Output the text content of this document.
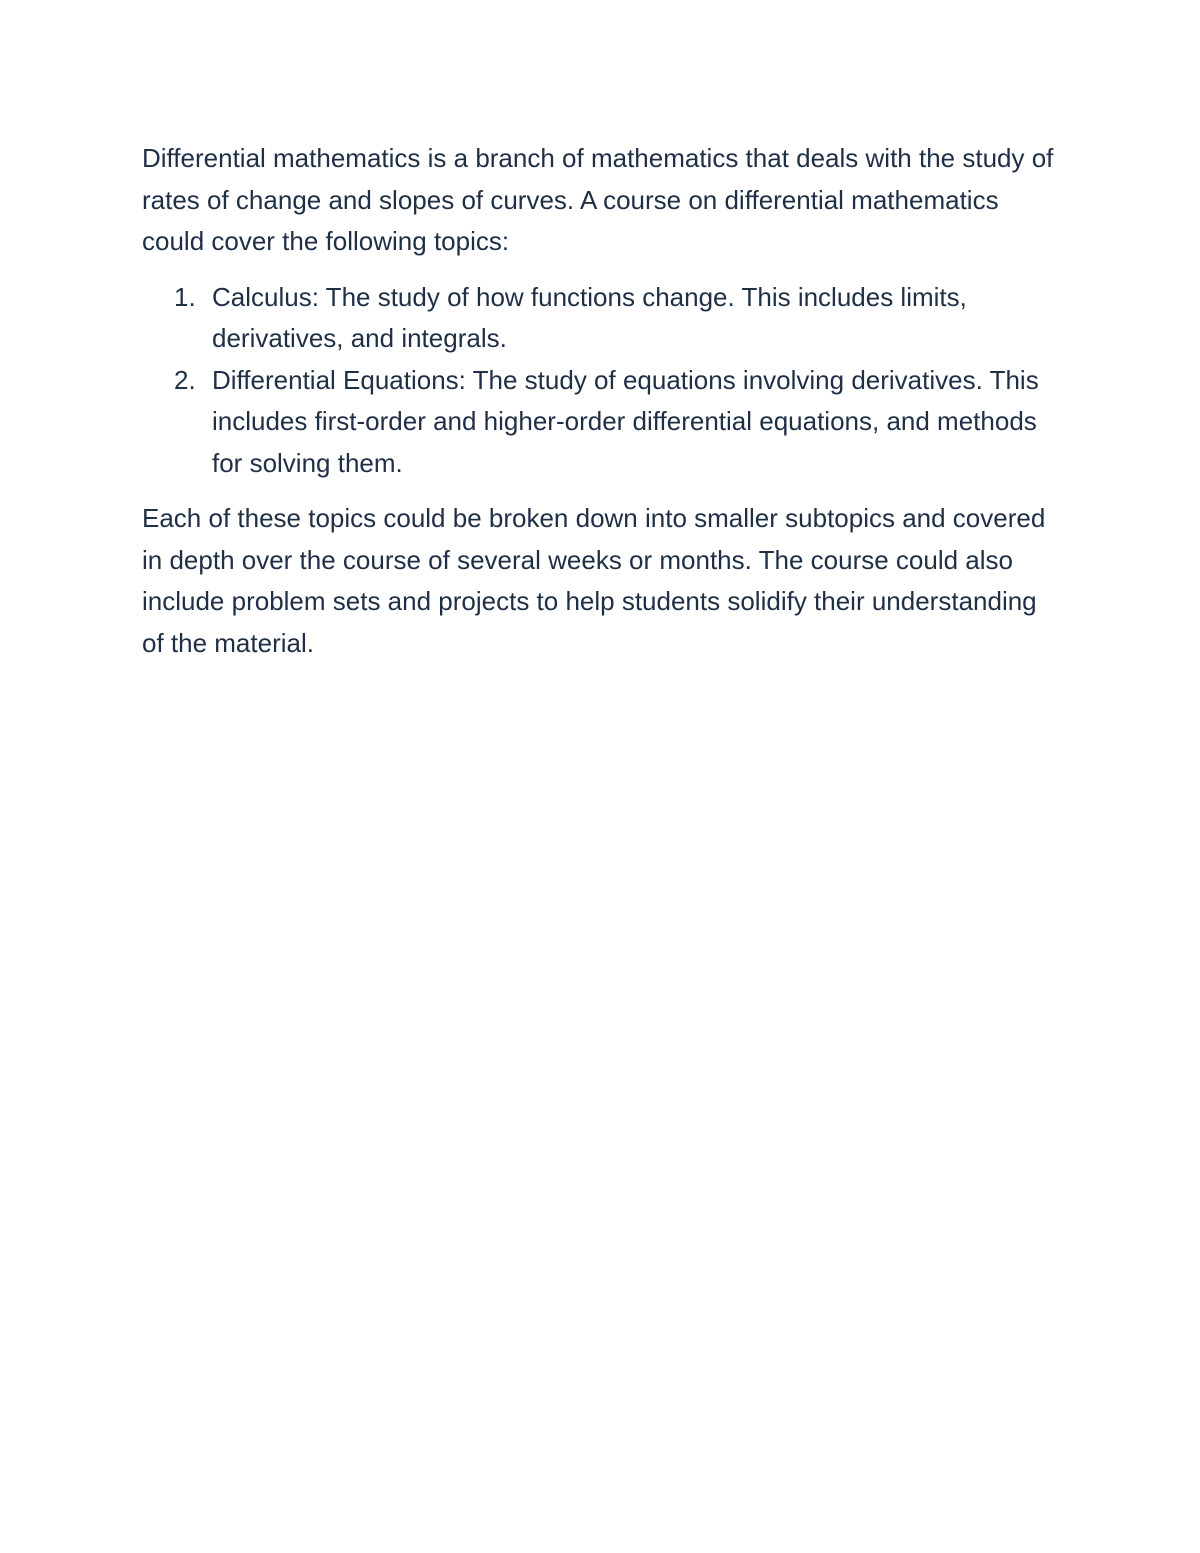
Differential mathematics is a branch of mathematics that deals with the study of rates of change and slopes of curves. A course on differential mathematics could cover the following topics:

1. Calculus: The study of how functions change. This includes limits, derivatives, and integrals.
2. Differential Equations: The study of equations involving derivatives. This includes first-order and higher-order differential equations, and methods for solving them.

Each of these topics could be broken down into smaller subtopics and covered in depth over the course of several weeks or months. The course could also include problem sets and projects to help students solidify their understanding of the material.
